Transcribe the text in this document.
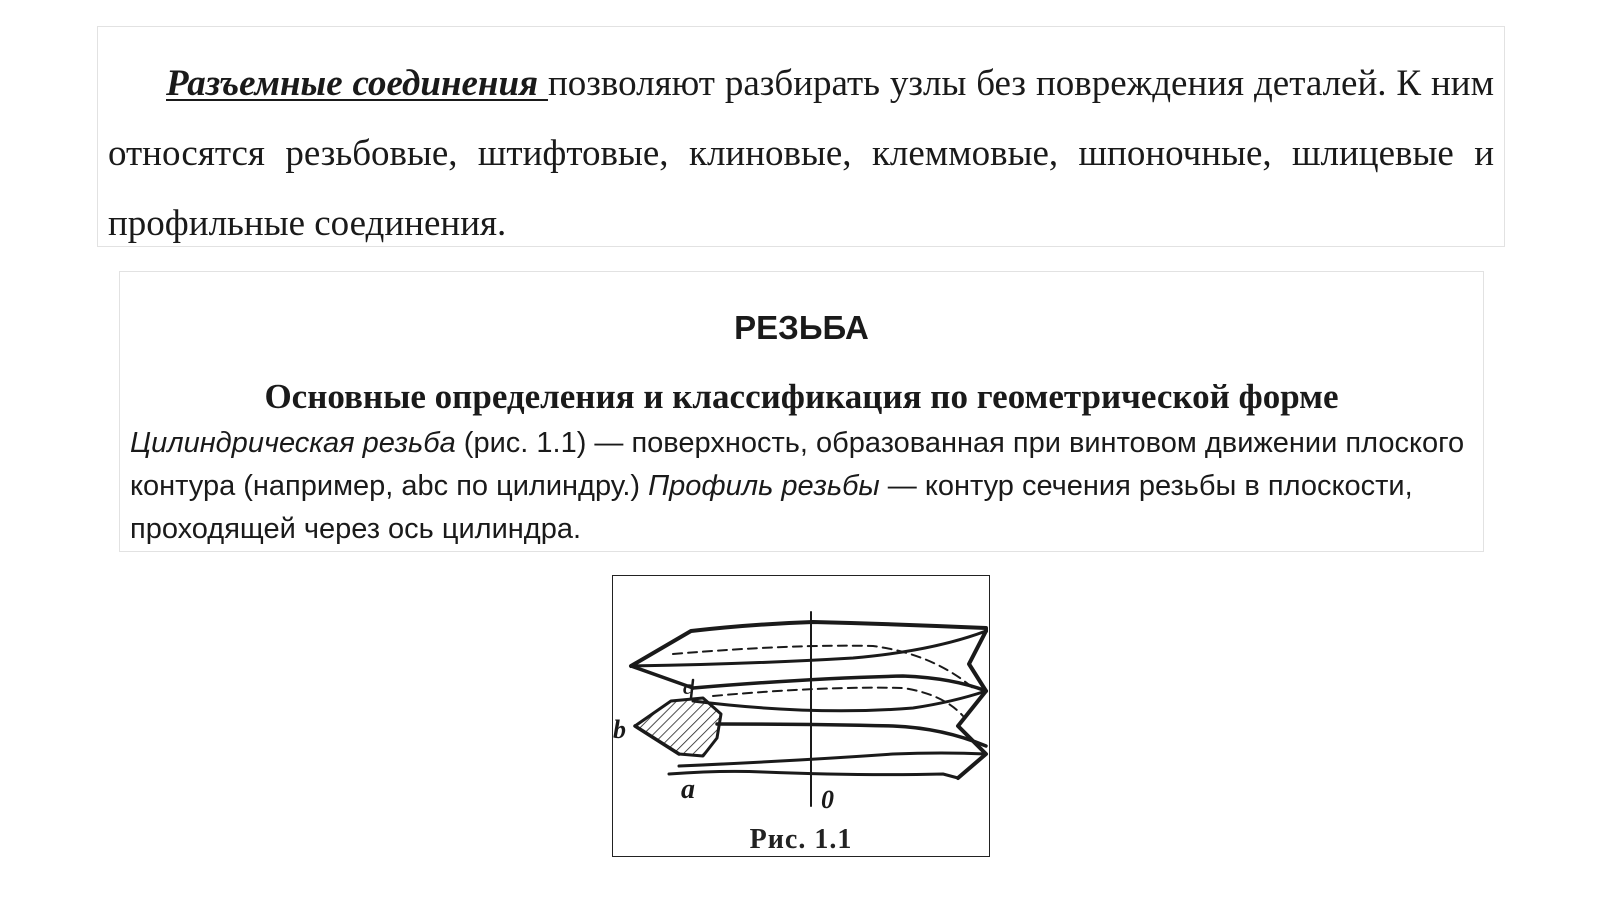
Разъемные соединения позволяют разбирать узлы без повреждения деталей. К ним относятся резьбовые, штифтовые, клиновые, клеммовые, шпоночные, шлицевые и профильные соединения.

РЕЗЬБА
Основные определения и классификация по геометрической форме

Цилиндрическая резьба (рис. 1.1) — поверхность, образованная при винтовом движении плоского контура (например, abc по цилиндру.) Профиль резьбы — контур сечения резьбы в плоскости, проходящей через ось цилиндра.

b
c
a	0
Рис. 1.1
